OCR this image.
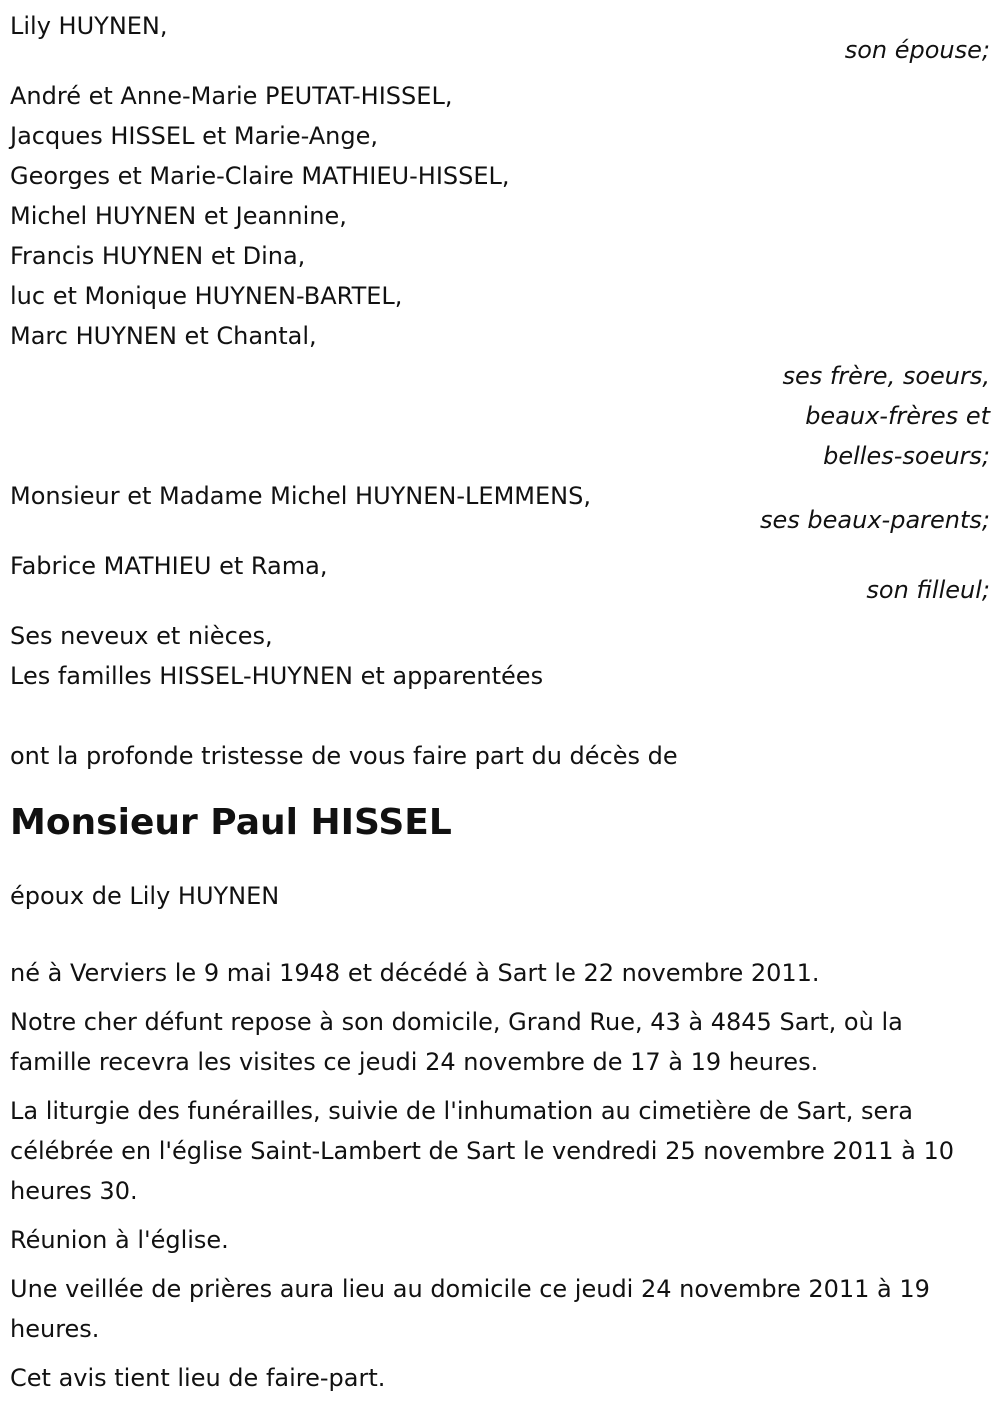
Lily HUYNEN,
son épouse;
André et Anne-Marie PEUTAT-HISSEL,
Jacques HISSEL et Marie-Ange,
Georges et Marie-Claire MATHIEU-HISSEL,
Michel HUYNEN et Jeannine,
Francis HUYNEN et Dina,
luc et Monique HUYNEN-BARTEL,
Marc HUYNEN et Chantal,
ses frère, soeurs,
beaux-frères et
belles-soeurs;
Monsieur et Madame Michel HUYNEN-LEMMENS,
ses beaux-parents;
Fabrice MATHIEU et Rama,
son filleul;
Ses neveux et nièces,
Les familles HISSEL-HUYNEN et apparentées
ont la profonde tristesse de vous faire part du décès de
Monsieur Paul HISSEL
époux de Lily HUYNEN
né à Verviers le 9 mai 1948 et décédé à Sart le 22 novembre 2011.
Notre cher défunt repose à son domicile, Grand Rue, 43 à 4845 Sart, où la famille recevra les visites ce jeudi 24 novembre de 17 à 19 heures.
La liturgie des funérailles, suivie de l'inhumation au cimetière de Sart, sera célébrée en l'église Saint-Lambert de Sart le vendredi 25 novembre 2011 à 10 heures 30.
Réunion à l'église.
Une veillée de prières aura lieu au domicile ce jeudi 24 novembre 2011 à 19 heures.
Cet avis tient lieu de faire-part.
